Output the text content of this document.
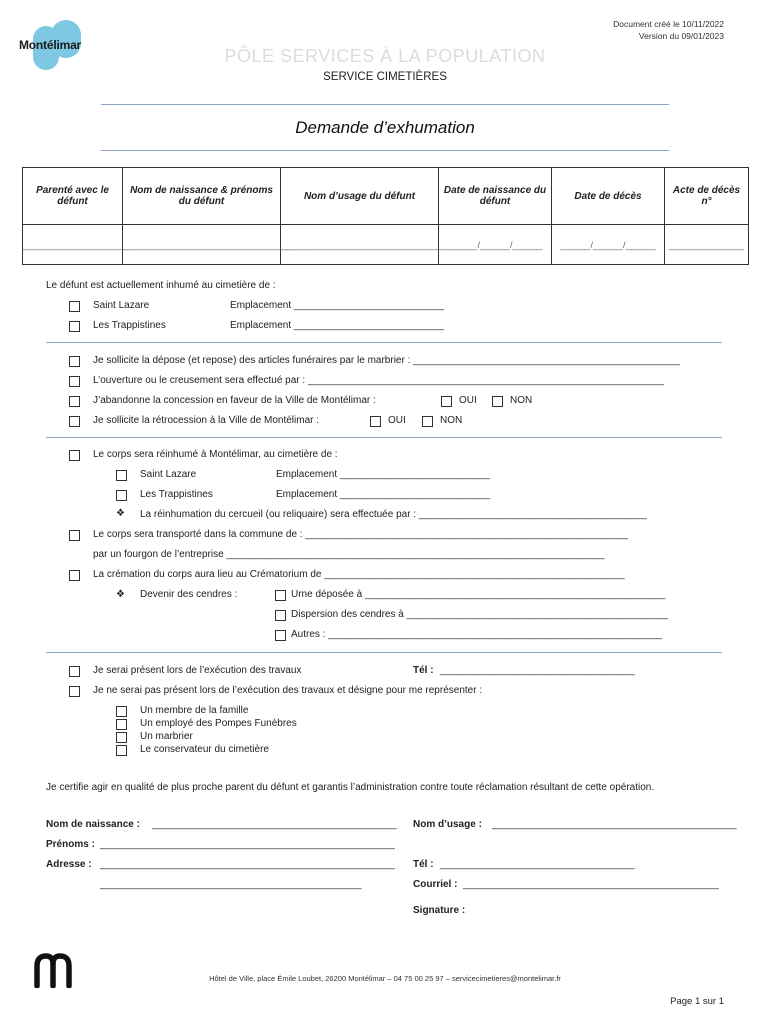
Montélimar
Document créé le 10/11/2022
Version du 09/01/2023
PÔLE SERVICES À LA POPULATION
SERVICE CIMETIÈRES
Demande d’exhumation
Parenté avec le défunt	Nom de naissance & prénoms du défunt	Nom d’usage du défunt	Date de naissance du défunt	Date de décès	Acte de décès n°
______________________	_____________________________________	_____________________________________	______/______/______	______/______/______	_______________
Le défunt est actuellement inhumé au cimetière de :
Saint Lazare	Emplacement ___________________________
Les Trappistines	Emplacement ___________________________
Je sollicite la dépose (et repose) des articles funéraires par le marbrier : ________________________________________________
L’ouverture ou le creusement sera effectué par : ________________________________________________________________
J’abandonne la concession en faveur de la Ville de Montélimar :	OUI	NON
Je sollicite la rétrocession à la Ville de Montélimar :	OUI	NON
Le corps sera réinhumé à Montélimar, au cimetière de :
Saint Lazare	Emplacement ___________________________
Les Trappistines	Emplacement ___________________________
❖ La réinhumation du cercueil (ou reliquaire) sera effectuée par : _________________________________________
Le corps sera transporté dans la commune de : __________________________________________________________
par un fourgon de l’entreprise ____________________________________________________________________
La crémation du corps aura lieu au Crématorium de ______________________________________________________
❖ Devenir des cendres :	Urne déposée à ______________________________________________________
Dispersion des cendres à _______________________________________________
Autres : ____________________________________________________________
Je serai présent lors de l’exécution des travaux	Tél : ___________________________________
Je ne serai pas présent lors de l’exécution des travaux et désigne pour me représenter :
Un membre de la famille
Un employé des Pompes Funèbres
Un marbrier
Le conservateur du cimetière
Je certifie agir en qualité de plus proche parent du défunt et garantis l’administration contre toute réclamation résultant de cette opération.
Nom de naissance : ____________________________________________ Nom d’usage : ____________________________________________
Prénoms : _____________________________________________________
Adresse : _____________________________________________________ Tél : ___________________________________
_______________________________________________	Courriel : ______________________________________________
Signature :
Hôtel de Ville, place Émile Loubet, 26200 Montélimar – 04 75 00 25 97 – servicecimetieres@montelimar.fr
Page 1 sur 1
